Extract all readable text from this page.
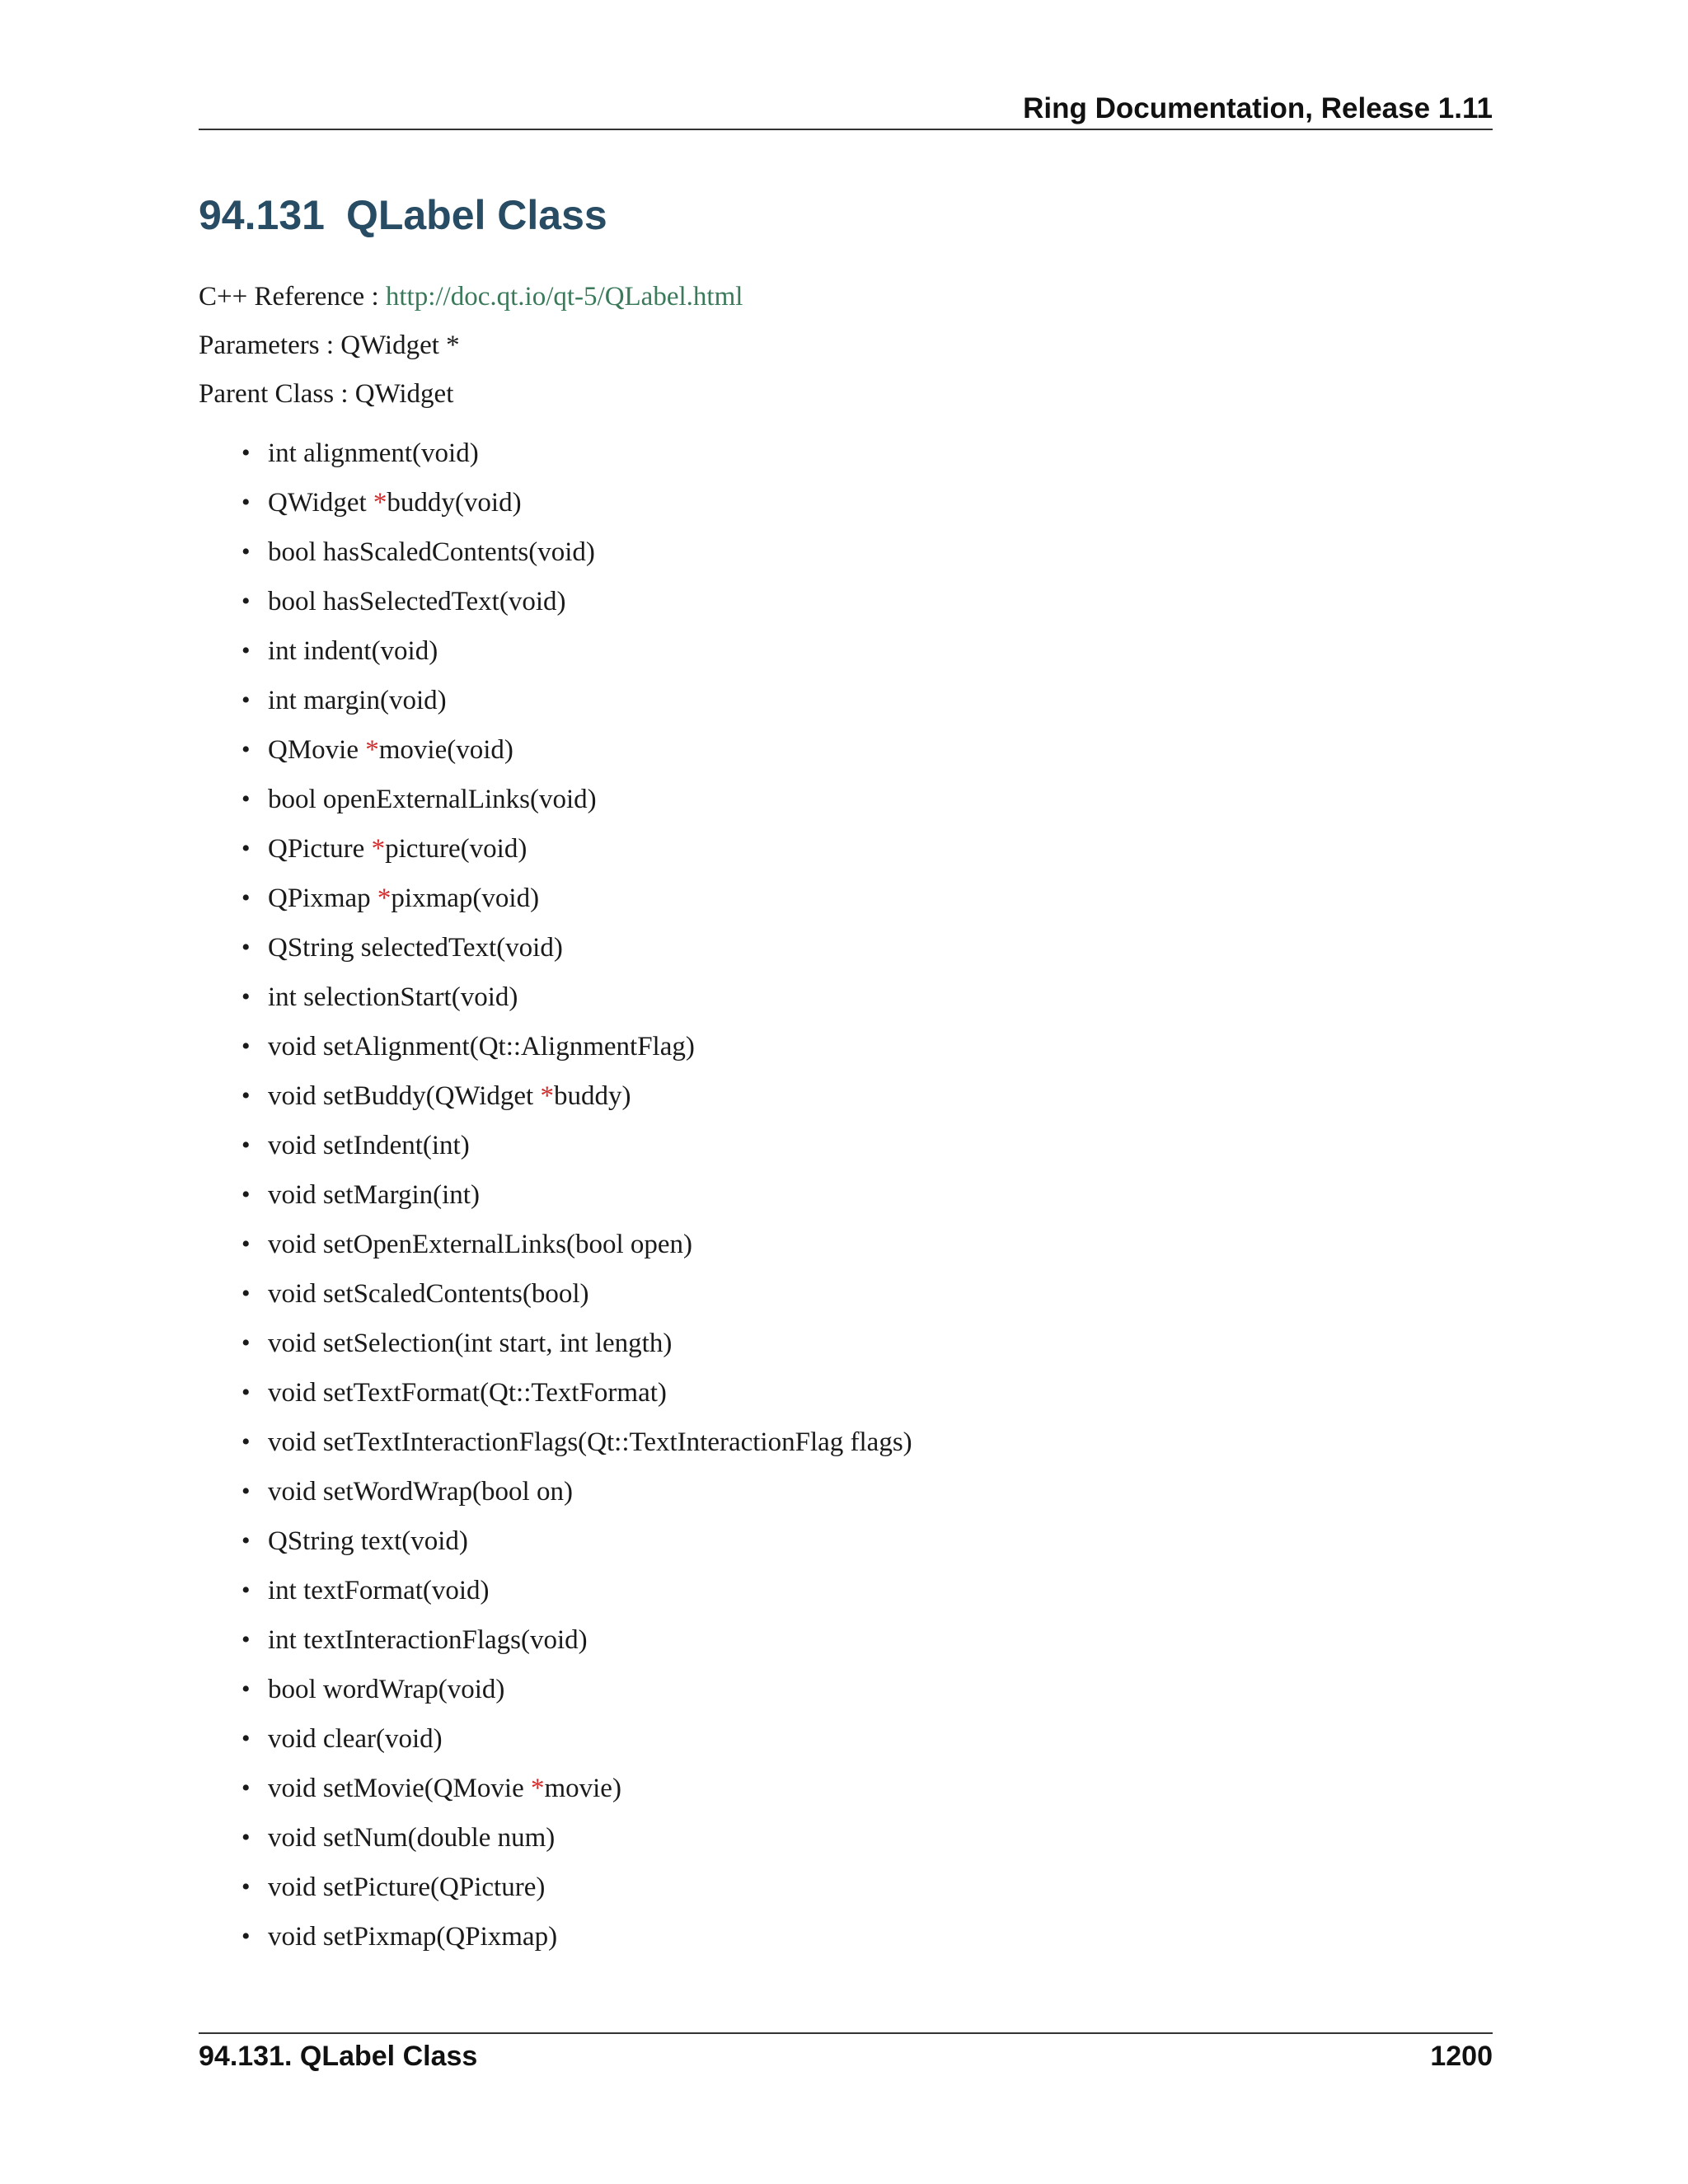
Ring Documentation, Release 1.11
94.131 QLabel Class
C++ Reference : http://doc.qt.io/qt-5/QLabel.html
Parameters : QWidget *
Parent Class : QWidget
• int alignment(void)
• QWidget *buddy(void)
• bool hasScaledContents(void)
• bool hasSelectedText(void)
• int indent(void)
• int margin(void)
• QMovie *movie(void)
• bool openExternalLinks(void)
• QPicture *picture(void)
• QPixmap *pixmap(void)
• QString selectedText(void)
• int selectionStart(void)
• void setAlignment(Qt::AlignmentFlag)
• void setBuddy(QWidget *buddy)
• void setIndent(int)
• void setMargin(int)
• void setOpenExternalLinks(bool open)
• void setScaledContents(bool)
• void setSelection(int start, int length)
• void setTextFormat(Qt::TextFormat)
• void setTextInteractionFlags(Qt::TextInteractionFlag flags)
• void setWordWrap(bool on)
• QString text(void)
• int textFormat(void)
• int textInteractionFlags(void)
• bool wordWrap(void)
• void clear(void)
• void setMovie(QMovie *movie)
• void setNum(double num)
• void setPicture(QPicture)
• void setPixmap(QPixmap)
94.131. QLabel Class	1200
